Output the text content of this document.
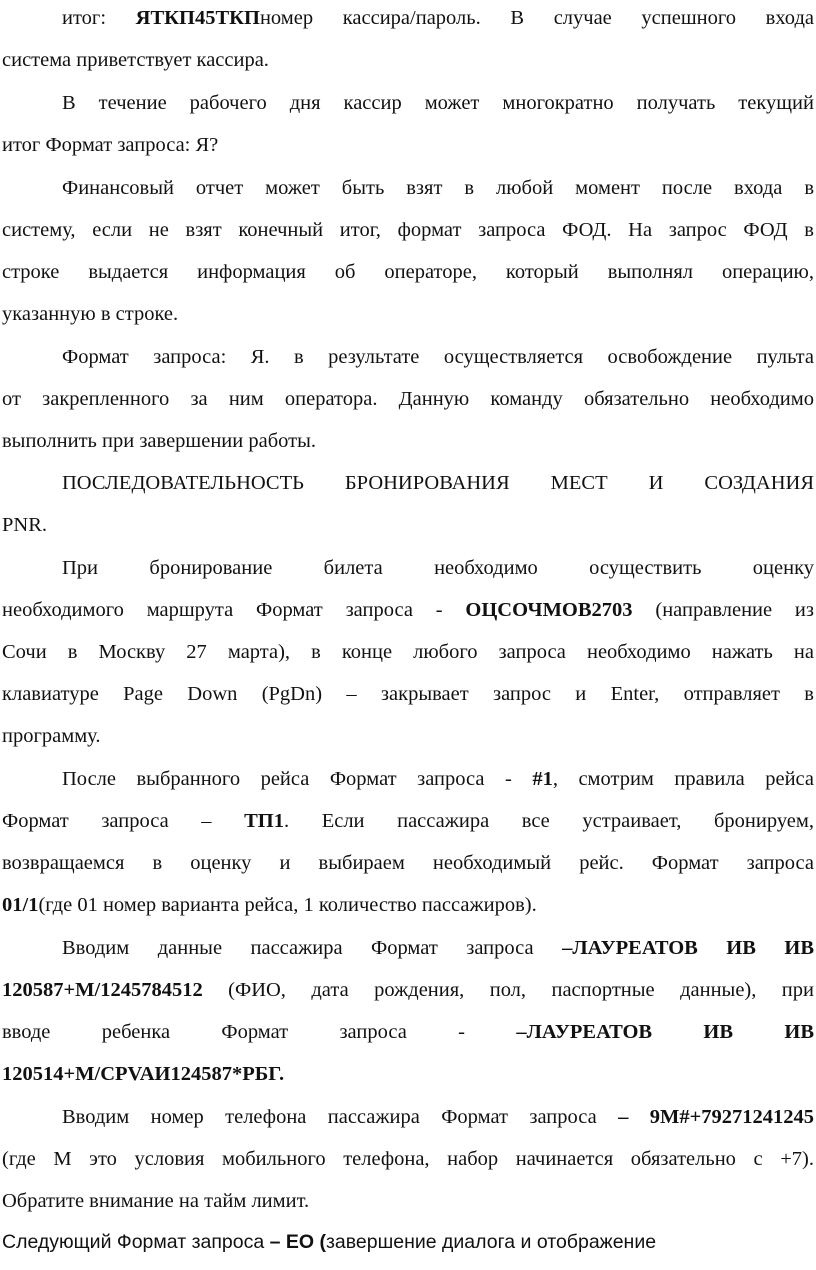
итог: ЯТКП45ТКПномер кассира/пароль. В случае успешного входа
система приветствует кассира.
В течение рабочего дня кассир может многократно получать текущий
итог Формат запроса: Я?
Финансовый отчет может быть взят в любой момент после входа в
систему, если не взят конечный итог, формат запроса ФОД. На запрос ФОД в
строке выдается информация об операторе, который выполнял операцию,
указанную в строке.
Формат запроса: Я. в результате осуществляется освобождение пульта
от закрепленного за ним оператора. Данную команду обязательно необходимо
выполнить при завершении работы.
ПОСЛЕДОВАТЕЛЬНОСТЬ БРОНИРОВАНИЯ МЕСТ И СОЗДАНИЯ
PNR.
При бронирование билета необходимо осуществить оценку
необходимого маршрута Формат запроса - ОЦСОЧМОВ2703 (направление из
Сочи в Москву 27 марта), в конце любого запроса необходимо нажать на
клавиатуре Page Down (PgDn) – закрывает запрос и Enter, отправляет в
программу.
После выбранного рейса Формат запроса - #1, смотрим правила рейса
Формат запроса – ТП1. Если пассажира все устраивает, бронируем,
возвращаемся в оценку и выбираем необходимый рейс. Формат запроса
01/1(где 01 номер варианта рейса, 1 количество пассажиров).
Вводим данные пассажира Формат запроса –ЛАУРЕАТОВ ИВ ИВ
120587+М/1245784512 (ФИО, дата рождения, пол, паспортные данные), при
вводе ребенка Формат запроса - –ЛАУРЕАТОВ ИВ ИВ
120514+М/CPVAИ124587*РБГ.
Вводим номер телефона пассажира Формат запроса – 9М#+79271241245
(где М это условия мобильного телефона, набор начинается обязательно с +7).
Обратите внимание на тайм лимит.
Следующий Формат запроса – ЕО (завершение диалога и отображение
